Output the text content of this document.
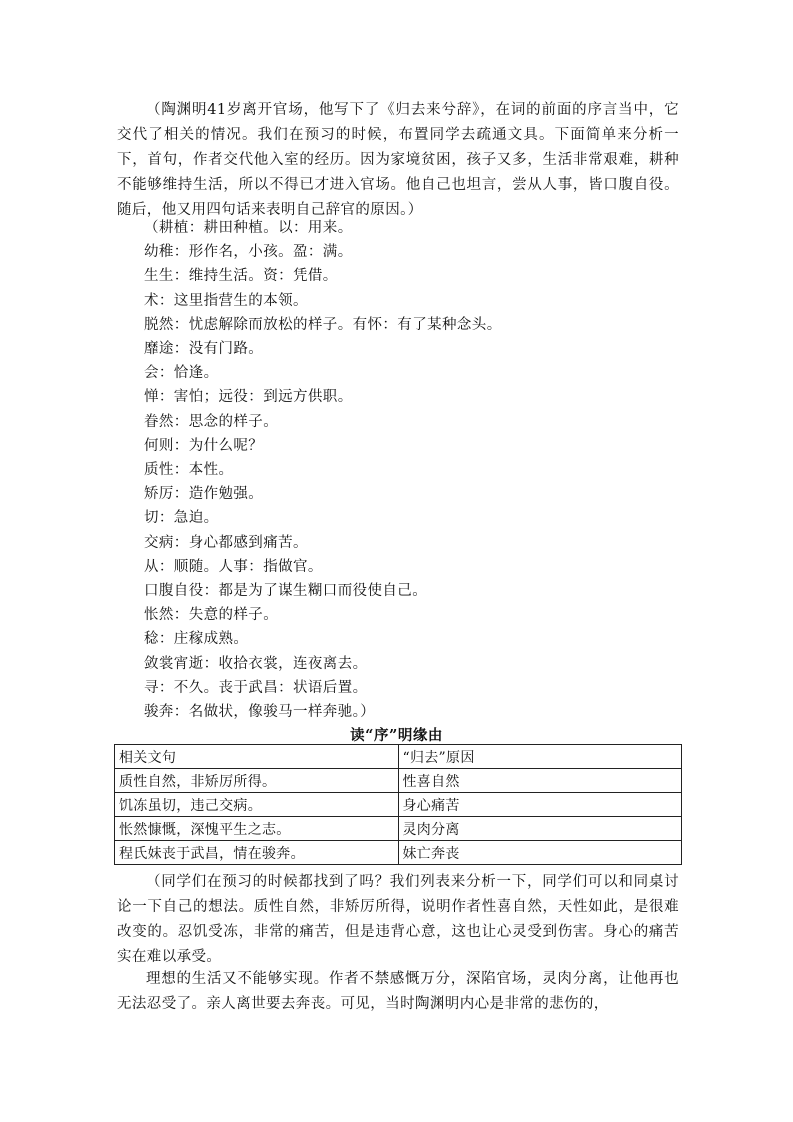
（陶渊明41岁离开官场，他写下了《归去来兮辞》，在词的前面的序言当中，它交代了相关的情况。我们在预习的时候，布置同学去疏通文具。下面简单来分析一下，首句，作者交代他入室的经历。因为家境贫困，孩子又多，生活非常艰难，耕种不能够维持生活，所以不得已才进入官场。他自己也坦言，尝从人事，皆口腹自役。随后，他又用四句话来表明自己辞官的原因。）

（耕植：耕田种植。以：用来。
幼稚：形作名，小孩。盈：满。
生生：维持生活。资：凭借。
术：这里指营生的本领。
脱然：忧虑解除而放松的样子。有怀：有了某种念头。
靡途：没有门路。
会：恰逢。
惮：害怕；远役：到远方供职。
眷然：思念的样子。
何则：为什么呢？
质性：本性。
矫厉：造作勉强。
切：急迫。
交病：身心都感到痛苦。
从：顺随。人事：指做官。
口腹自役：都是为了谋生糊口而役使自己。
怅然：失意的样子。
稔：庄稼成熟。
敛裳宵逝：收拾衣裳，连夜离去。
寻：不久。丧于武昌：状语后置。
骏奔：名做状，像骏马一样奔驰。）
读“序”明缘由
相关文句	“归去”原因
质性自然，非矫厉所得。	性喜自然
饥冻虽切，违己交病。	身心痛苦
怅然慷慨，深愧平生之志。	灵肉分离
程氏妹丧于武昌，情在骏奔。	妹亡奔丧

（同学们在预习的时候都找到了吗？我们列表来分析一下，同学们可以和同桌讨论一下自己的想法。质性自然，非矫厉所得，说明作者性喜自然，天性如此，是很难改变的。忍饥受冻，非常的痛苦，但是违背心意，这也让心灵受到伤害。身心的痛苦实在难以承受。

理想的生活又不能够实现。作者不禁感慨万分，深陷官场，灵肉分离，让他再也无法忍受了。亲人离世要去奔丧。可见，当时陶渊明内心是非常的悲伤的，
